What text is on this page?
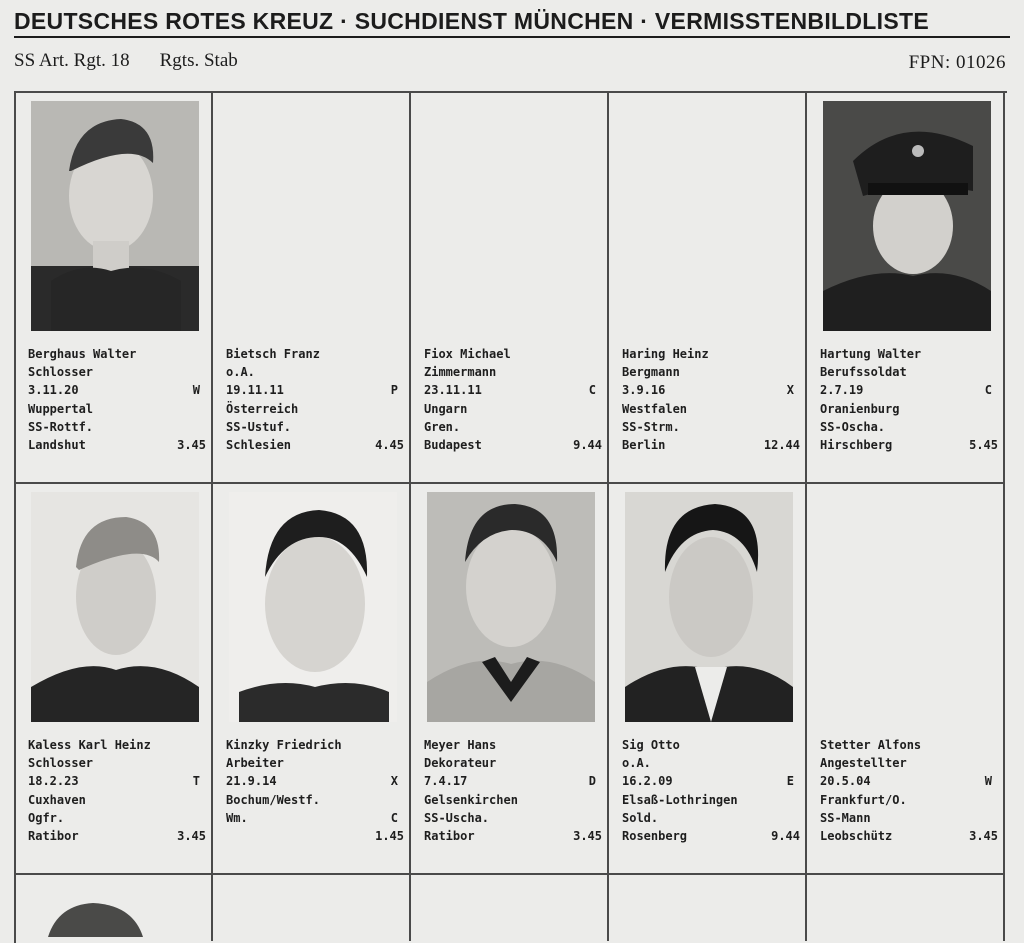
DEUTSCHES ROTES KREUZ · SUCHDIENST MÜNCHEN · VERMISSTENBILDLISTE
SS Art. Rgt. 18 Rgts. Stab	FPN: 01026
Berghaus Walter
Schlosser
3.11.20	W
Wuppertal
SS-Rottf.
Landshut	3.45
Bietsch Franz
o.A.
19.11.11	P
Österreich
SS-Ustuf.
Schlesien	4.45
Fiox Michael
Zimmermann
23.11.11	C
Ungarn
Gren.
Budapest	9.44
Haring Heinz
Bergmann
3.9.16	X
Westfalen
SS-Strm.
Berlin	12.44
Hartung Walter
Berufssoldat
2.7.19	C
Oranienburg
SS-Oscha.
Hirschberg	5.45
Kaless Karl Heinz
Schlosser
18.2.23	T
Cuxhaven
Ogfr.
Ratibor	3.45
Kinzky Friedrich
Arbeiter
21.9.14	X
Bochum/Westf.
Wm.	C
1.45
Meyer Hans
Dekorateur
7.4.17	D
Gelsenkirchen
SS-Uscha.
Ratibor	3.45
Sig Otto
o.A.
16.2.09	E
Elsaß-Lothringen
Sold.
Rosenberg	9.44
Stetter Alfons
Angestellter
20.5.04	W
Frankfurt/O.
SS-Mann
Leobschütz	3.45
